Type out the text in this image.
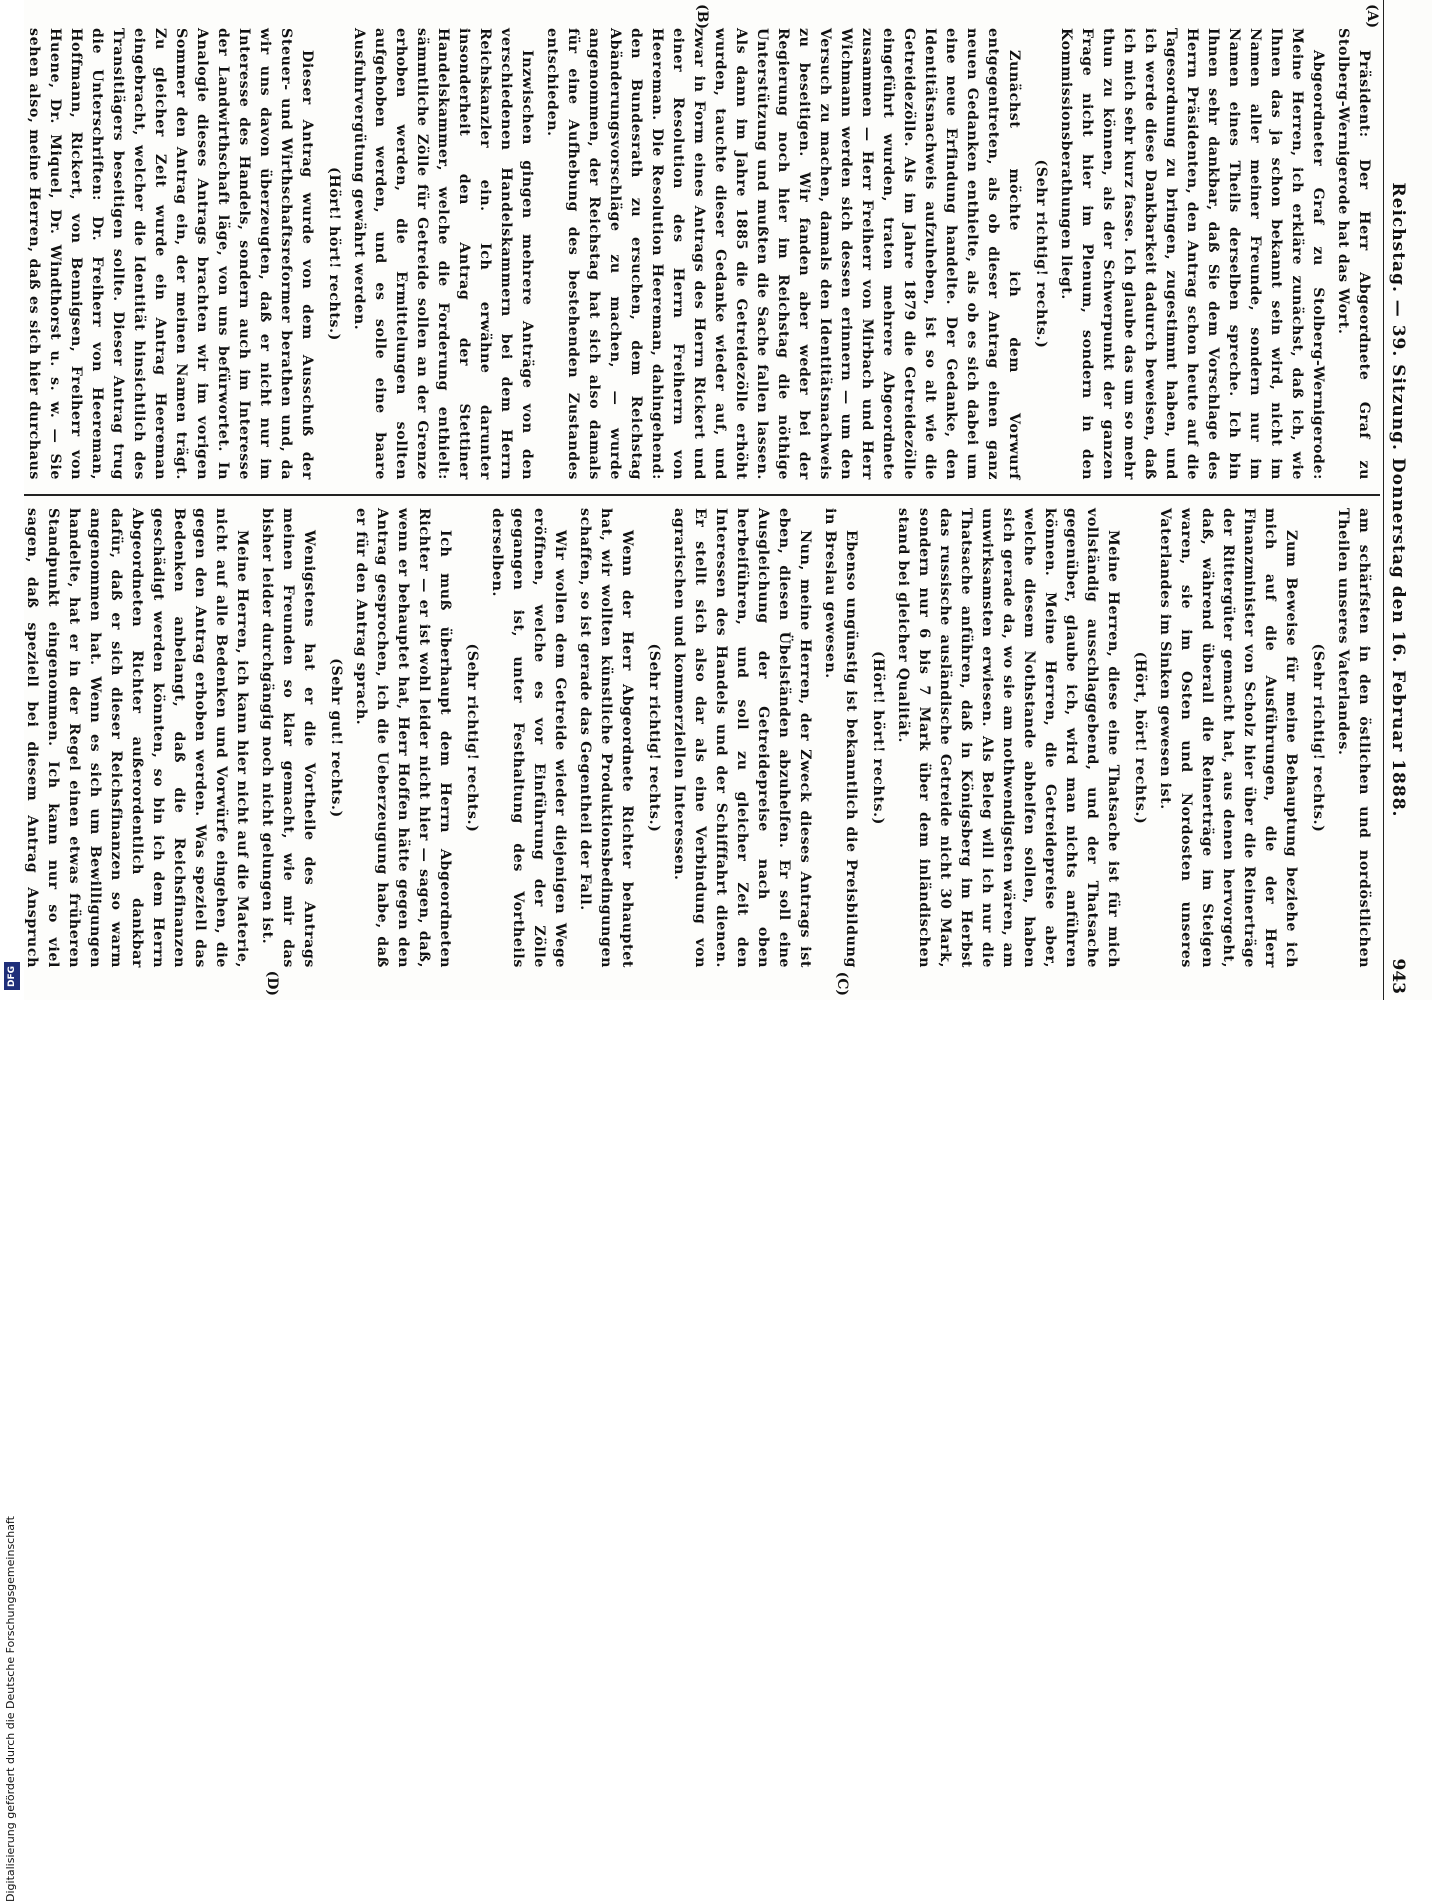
Reichstag. — 39. Sitzung. Donnerstag den 16. Februar 1888.
943
(A)
(B)
(C)
(D)

Präsident: Der Herr Abgeordnete Graf zu Stolberg-Wernigerode hat das Wort.

Abgeordneter Graf zu Stolberg-Wernigerode: Meine Herren, ich erkläre zunächst, daß ich, wie Ihnen das ja schon bekannt sein wird, nicht im Namen aller meiner Freunde, sondern nur im Namen eines Theils derselben spreche. Ich bin Ihnen sehr dankbar, daß Sie dem Vorschlage des Herrn Präsidenten, den Antrag schon heute auf die Tagesordnung zu bringen, zugestimmt haben, und ich werde diese Dankbarkeit dadurch beweisen, daß ich mich sehr kurz fasse. Ich glaube das um so mehr thun zu können, als der Schwerpunkt der ganzen Frage nicht hier im Plenum, sondern in den Kommissionsberathungen liegt.

(Sehr richtig! rechts.)

Zunächst möchte ich dem Vorwurf entgegentreten, als ob dieser Antrag einen ganz neuen Gedanken enthielte, als ob es sich dabei um eine neue Erfindung handelte. Der Gedanke, den Identitätsnachweis aufzuheben, ist so alt wie die Getreidezölle. Als im Jahre 1879 die Getreidezölle eingeführt wurden, traten mehrere Abgeordnete zusammen — Herr Freiherr von Mirbach und Herr Wichmann werden sich dessen erinnern — um den Versuch zu machen, damals den Identitätsnachweis zu beseitigen. Wir fanden aber weder bei der Regierung noch hier im Reichstag die nöthige Unterstützung und mußten die Sache fallen lassen. Als dann im Jahre 1885 die Getreidezölle erhöht wurden, tauchte dieser Gedanke wieder auf, und zwar in Form eines Antrags des Herrn Rickert und einer Resolution des Herrn Freiherrn von Heereman. Die Resolution Heereman, dahingehend: den Bundesrath zu ersuchen, dem Reichstag Abänderungsvorschläge zu machen, — wurde angenommen, der Reichstag hat sich also damals für eine Aufhebung des bestehenden Zustandes entschieden.

Inzwischen gingen mehrere Anträge von den verschiedenen Handelskammern bei dem Herrn Reichskanzler ein. Ich erwähne darunter insonderheit den Antrag der Stettiner Handelskammer, welche die Forderung enthielt: sämmtliche Zölle für Getreide sollen an der Grenze erhoben werden, die Ermittelungen sollten aufgehoben werden, und es solle eine baare Ausfuhrvergütung gewährt werden.

(Hört! hört! rechts.)

Dieser Antrag wurde von dem Ausschuß der Steuer- und Wirthschaftsreformer berathen und, da wir uns davon überzeugten, daß er nicht nur im Interesse des Handels, sondern auch im Interesse der Landwirthschaft läge, von uns befürwortet. In Analogie dieses Antrags brachten wir im vorigen Sommer den Antrag ein, der meinen Namen trägt. Zu gleicher Zeit wurde ein Antrag Heereman eingebracht, welcher die Identität hinsichtlich des Transitlägers beseitigen sollte. Dieser Antrag trug die Unterschriften: Dr. Freiherr von Heereman, Hoffmann, Rickert, von Bennigsen, Freiherr von Huene, Dr. Miquel, Dr. Windthorst u. s. w. — Sie sehen also, meine Herren, daß es sich hier durchaus

am schärfsten in den östlichen und nordöstlichen Theilen unseres Vaterlandes.

(Sehr richtig! rechts.)

Zum Beweise für meine Behauptung beziehe ich mich auf die Ausführungen, die der Herr Finanzminister von Scholz hier über die Reinerträge der Rittergüter gemacht hat, aus denen hervorgeht, daß, während überall die Reinerträge im Steigen waren, sie im Osten und Nordosten unseres Vaterlandes im Sinken gewesen ist.

(Hört, hört! rechts.)

Meine Herren, diese eine Thatsache ist für mich vollständig ausschlaggebend, und der Thatsache gegenüber, glaube ich, wird man nichts anführen können. Meine Herren, die Getreidepreise aber, welche diesem Nothstande abhelfen sollen, haben sich gerade da, wo sie am nothwendigsten wären, am unwirksamsten erwiesen. Als Beleg will ich nur die Thatsache anführen, daß in Königsberg im Herbst das russische ausländische Getreide nicht 30 Mark, sondern nur 6 bis 7 Mark über dem inländischen stand bei gleicher Qualität.

(Hört! hört! rechts.)

Ebenso ungünstig ist bekanntlich die Preisbildung in Breslau gewesen.

Nun, meine Herren, der Zweck dieses Antrags ist eben, diesen Übelständen abzuhelfen. Er soll eine Ausgleichung der Getreidepreise nach oben herbeiführen, und soll zu gleicher Zeit den Interessen des Handels und der Schifffahrt dienen. Er stellt sich also dar als eine Verbindung von agrarischen und kommerziellen Interessen.

(Sehr richtig! rechts.)

Wenn der Herr Abgeordnete Richter behauptet hat, wir wollten künstliche Produktionsbedingungen schaffen, so ist gerade das Gegentheil der Fall.

Wir wollen dem Getreide wieder diejenigen Wege eröffnen, welche es vor Einführung der Zölle gegangen ist, unter Festhaltung des Vortheils derselben.

(Sehr richtig! rechts.)

Ich muß überhaupt dem Herrn Abgeordneten Richter — er ist wohl leider nicht hier — sagen, daß, wenn er behauptet hat, Herr Hoffen hätte gegen den Antrag gesprochen, ich die Ueberzeugung habe, daß er für den Antrag sprach.

(Sehr gut! rechts.)

Wenigstens hat er die Vortheile des Antrags meinen Freunden so klar gemacht, wie mir das bisher leider durchgängig noch nicht gelungen ist.

Meine Herren, ich kann hier nicht auf die Materie, nicht auf alle Bedenken und Vorwürfe eingehen, die gegen den Antrag erhoben werden. Was speziell das Bedenken anbelangt, daß die Reichsfinanzen geschädigt werden könnten, so bin ich dem Herrn Abgeordneten Richter außerordentlich dankbar dafür, daß er sich dieser Reichsfinanzen so warm angenommen hat. Wenn es sich um Bewilligungen handelte, hat er in der Regel einen etwas früheren Standpunkt eingenommen. Ich kann nur so viel sagen, daß speziell bei diesem Antrag Anspruch

Digitalisierung gefördert durch die Deutsche Forschungsgemeinschaft
DFG
